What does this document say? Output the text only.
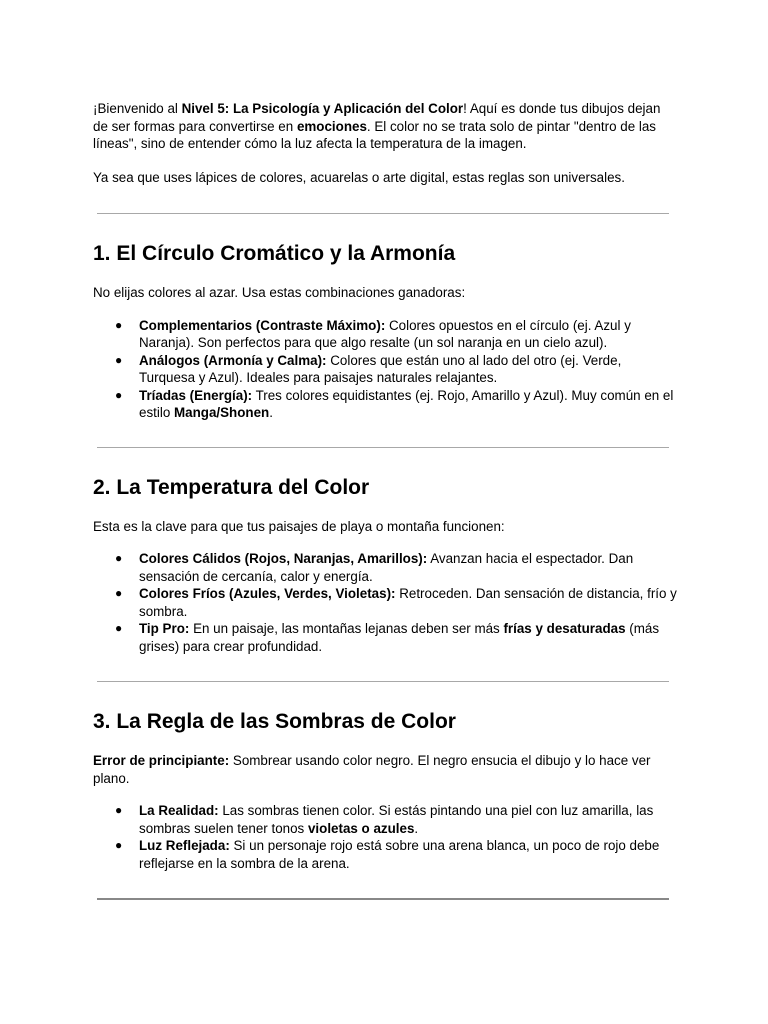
¡Bienvenido al Nivel 5: La Psicología y Aplicación del Color! Aquí es donde tus dibujos dejan de ser formas para convertirse en emociones. El color no se trata solo de pintar "dentro de las líneas", sino de entender cómo la luz afecta la temperatura de la imagen.

Ya sea que uses lápices de colores, acuarelas o arte digital, estas reglas son universales.

1. El Círculo Cromático y la Armonía

No elijas colores al azar. Usa estas combinaciones ganadoras:

● Complementarios (Contraste Máximo): Colores opuestos en el círculo (ej. Azul y Naranja). Son perfectos para que algo resalte (un sol naranja en un cielo azul).
● Análogos (Armonía y Calma): Colores que están uno al lado del otro (ej. Verde, Turquesa y Azul). Ideales para paisajes naturales relajantes.
● Tríadas (Energía): Tres colores equidistantes (ej. Rojo, Amarillo y Azul). Muy común en el estilo Manga/Shonen.
2. La Temperatura del Color

Esta es la clave para que tus paisajes de playa o montaña funcionen:

● Colores Cálidos (Rojos, Naranjas, Amarillos): Avanzan hacia el espectador. Dan sensación de cercanía, calor y energía.
● Colores Fríos (Azules, Verdes, Violetas): Retroceden. Dan sensación de distancia, frío y sombra.
● Tip Pro: En un paisaje, las montañas lejanas deben ser más frías y desaturadas (más grises) para crear profundidad.
3. La Regla de las Sombras de Color

Error de principiante: Sombrear usando color negro. El negro ensucia el dibujo y lo hace ver plano.

● La Realidad: Las sombras tienen color. Si estás pintando una piel con luz amarilla, las sombras suelen tener tonos violetas o azules.
● Luz Reflejada: Si un personaje rojo está sobre una arena blanca, un poco de rojo debe reflejarse en la sombra de la arena.
